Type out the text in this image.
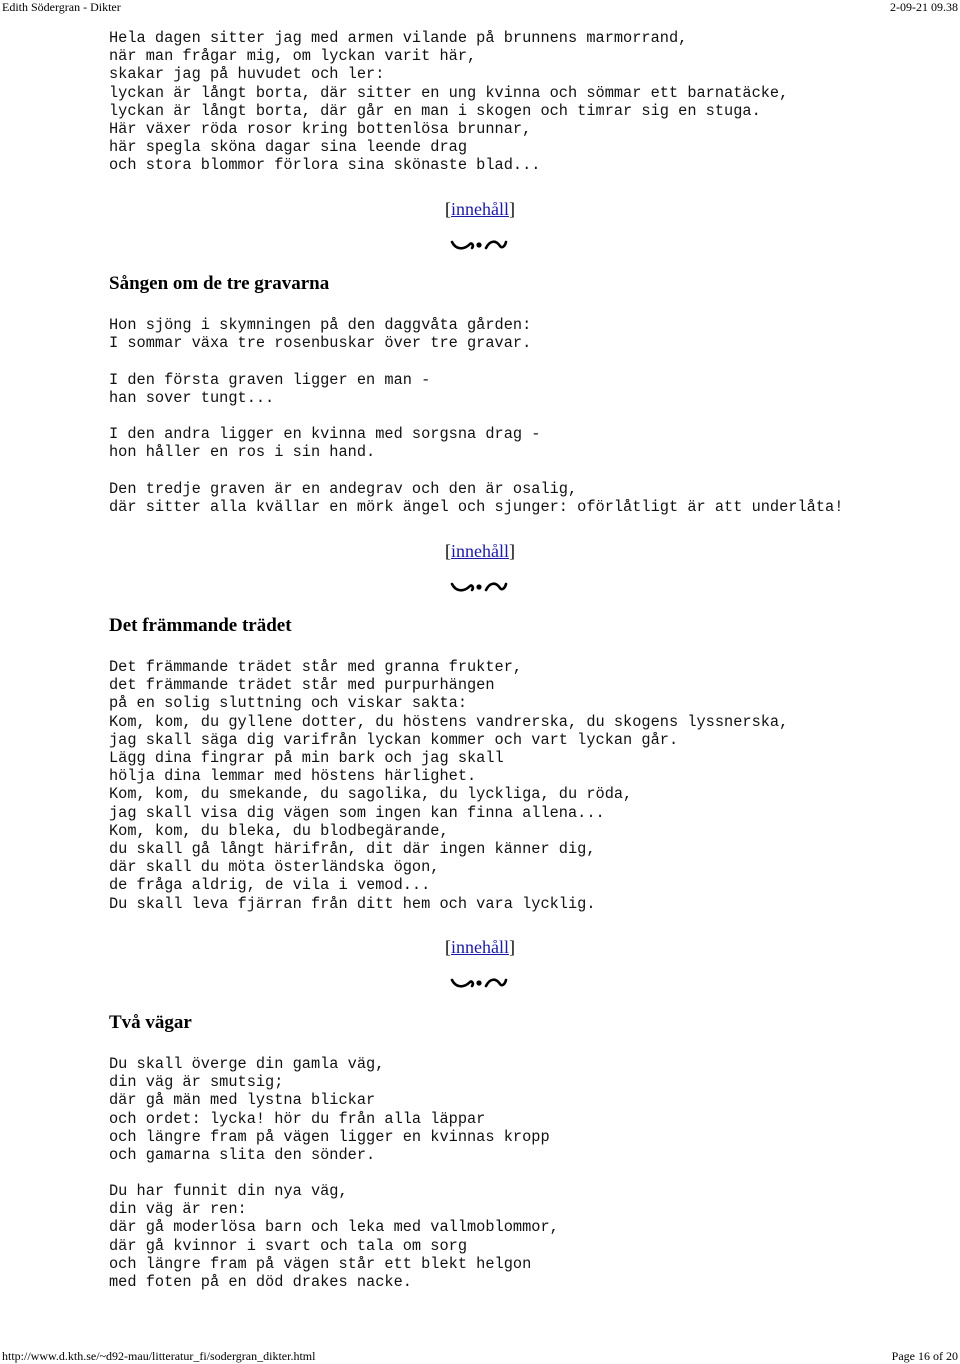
Edith Södergran - Dikter	2-09-21 09.38
Hela dagen sitter jag med armen vilande på brunnens marmorrand,
när man frågar mig, om lyckan varit här,
skakar jag på huvudet och ler:
lyckan är långt borta, där sitter en ung kvinna och sömmar ett barnatäcke,
lyckan är långt borta, där går en man i skogen och timrar sig en stuga.
Här växer röda rosor kring bottenlösa brunnar,
här spegla sköna dagar sina leende drag
och stora blommor förlora sina skönaste blad...
[innehåll]
Sången om de tre gravarna
Hon sjöng i skymningen på den daggvåta gården:
I sommar växa tre rosenbuskar över tre gravar.
I den första graven ligger en man -
han sover tungt...
I den andra ligger en kvinna med sorgsna drag -
hon håller en ros i sin hand.
Den tredje graven är en andegrav och den är osalig,
där sitter alla kvällar en mörk ängel och sjunger: oförlåtligt är att underlåta!
[innehåll]
Det främmande trädet
Det främmande trädet står med granna frukter,
det främmande trädet står med purpurhängen
på en solig sluttning och viskar sakta:
Kom, kom, du gyllene dotter, du höstens vandrerska, du skogens lyssnerska,
jag skall säga dig varifrån lyckan kommer och vart lyckan går.
Lägg dina fingrar på min bark och jag skall
hölja dina lemmar med höstens härlighet.
Kom, kom, du smekande, du sagolika, du lyckliga, du röda,
jag skall visa dig vägen som ingen kan finna allena...
Kom, kom, du bleka, du blodbegärande,
du skall gå långt härifrån, dit där ingen känner dig,
där skall du möta österländska ögon,
de fråga aldrig, de vila i vemod...
Du skall leva fjärran från ditt hem och vara lycklig.
[innehåll]
Två vägar
Du skall överge din gamla väg,
din väg är smutsig;
där gå män med lystna blickar
och ordet: lycka! hör du från alla läppar
och längre fram på vägen ligger en kvinnas kropp
och gamarna slita den sönder.
Du har funnit din nya väg,
din väg är ren:
där gå moderlösa barn och leka med vallmoblommor,
där gå kvinnor i svart och tala om sorg
och längre fram på vägen står ett blekt helgon
med foten på en död drakes nacke.
http://www.d.kth.se/~d92-mau/litteratur_fi/sodergran_dikter.html	Page 16 of 20
